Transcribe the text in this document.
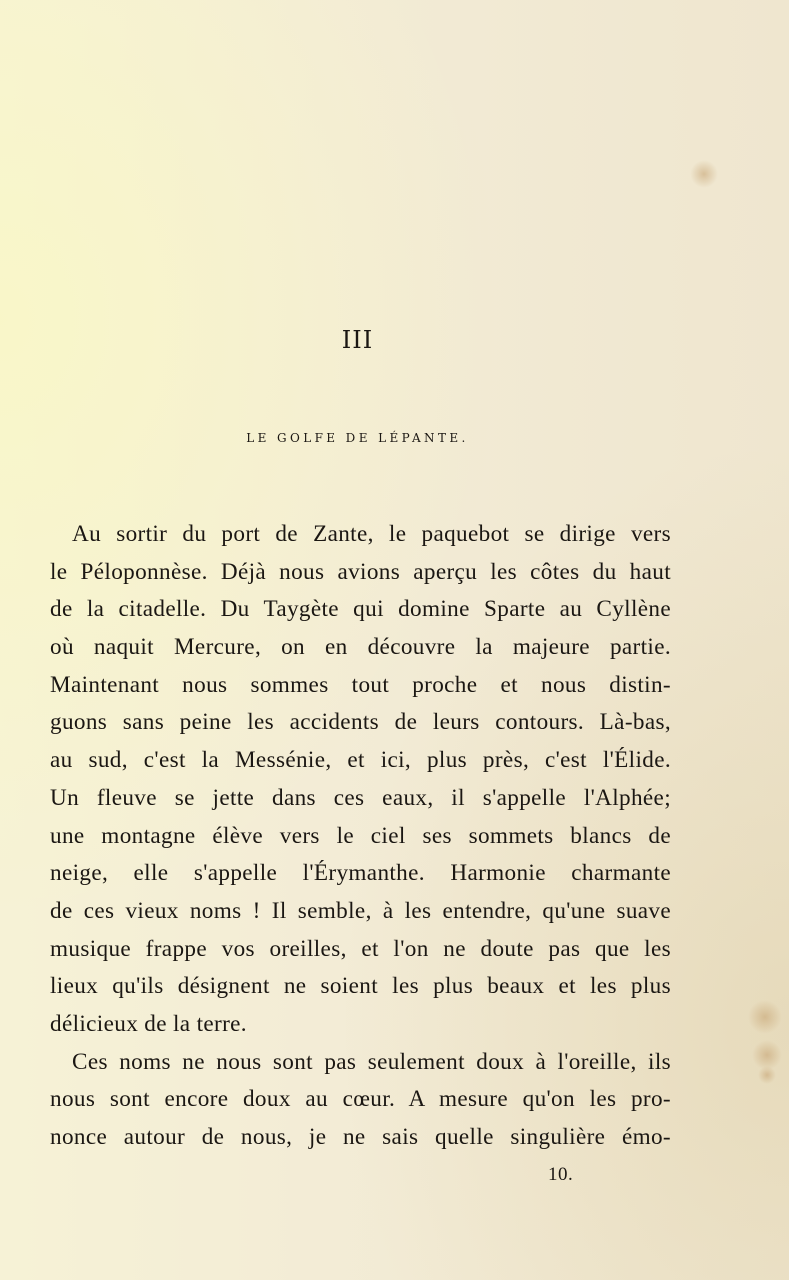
III
LE GOLFE DE LÉPANTE.
Au sortir du port de Zante, le paquebot se dirige vers
le Péloponnèse. Déjà nous avions aperçu les côtes du haut
de la citadelle. Du Taygète qui domine Sparte au Cyllène
où naquit Mercure, on en découvre la majeure partie.
Maintenant nous sommes tout proche et nous distin-
guons sans peine les accidents de leurs contours. Là-bas,
au sud, c'est la Messénie, et ici, plus près, c'est l'Élide.
Un fleuve se jette dans ces eaux, il s'appelle l'Alphée;
une montagne élève vers le ciel ses sommets blancs de
neige, elle s'appelle l'Érymanthe. Harmonie charmante
de ces vieux noms ! Il semble, à les entendre, qu'une suave
musique frappe vos oreilles, et l'on ne doute pas que les
lieux qu'ils désignent ne soient les plus beaux et les plus
délicieux de la terre.
Ces noms ne nous sont pas seulement doux à l'oreille, ils
nous sont encore doux au cœur. A mesure qu'on les pro-
nonce autour de nous, je ne sais quelle singulière émo-
10.
